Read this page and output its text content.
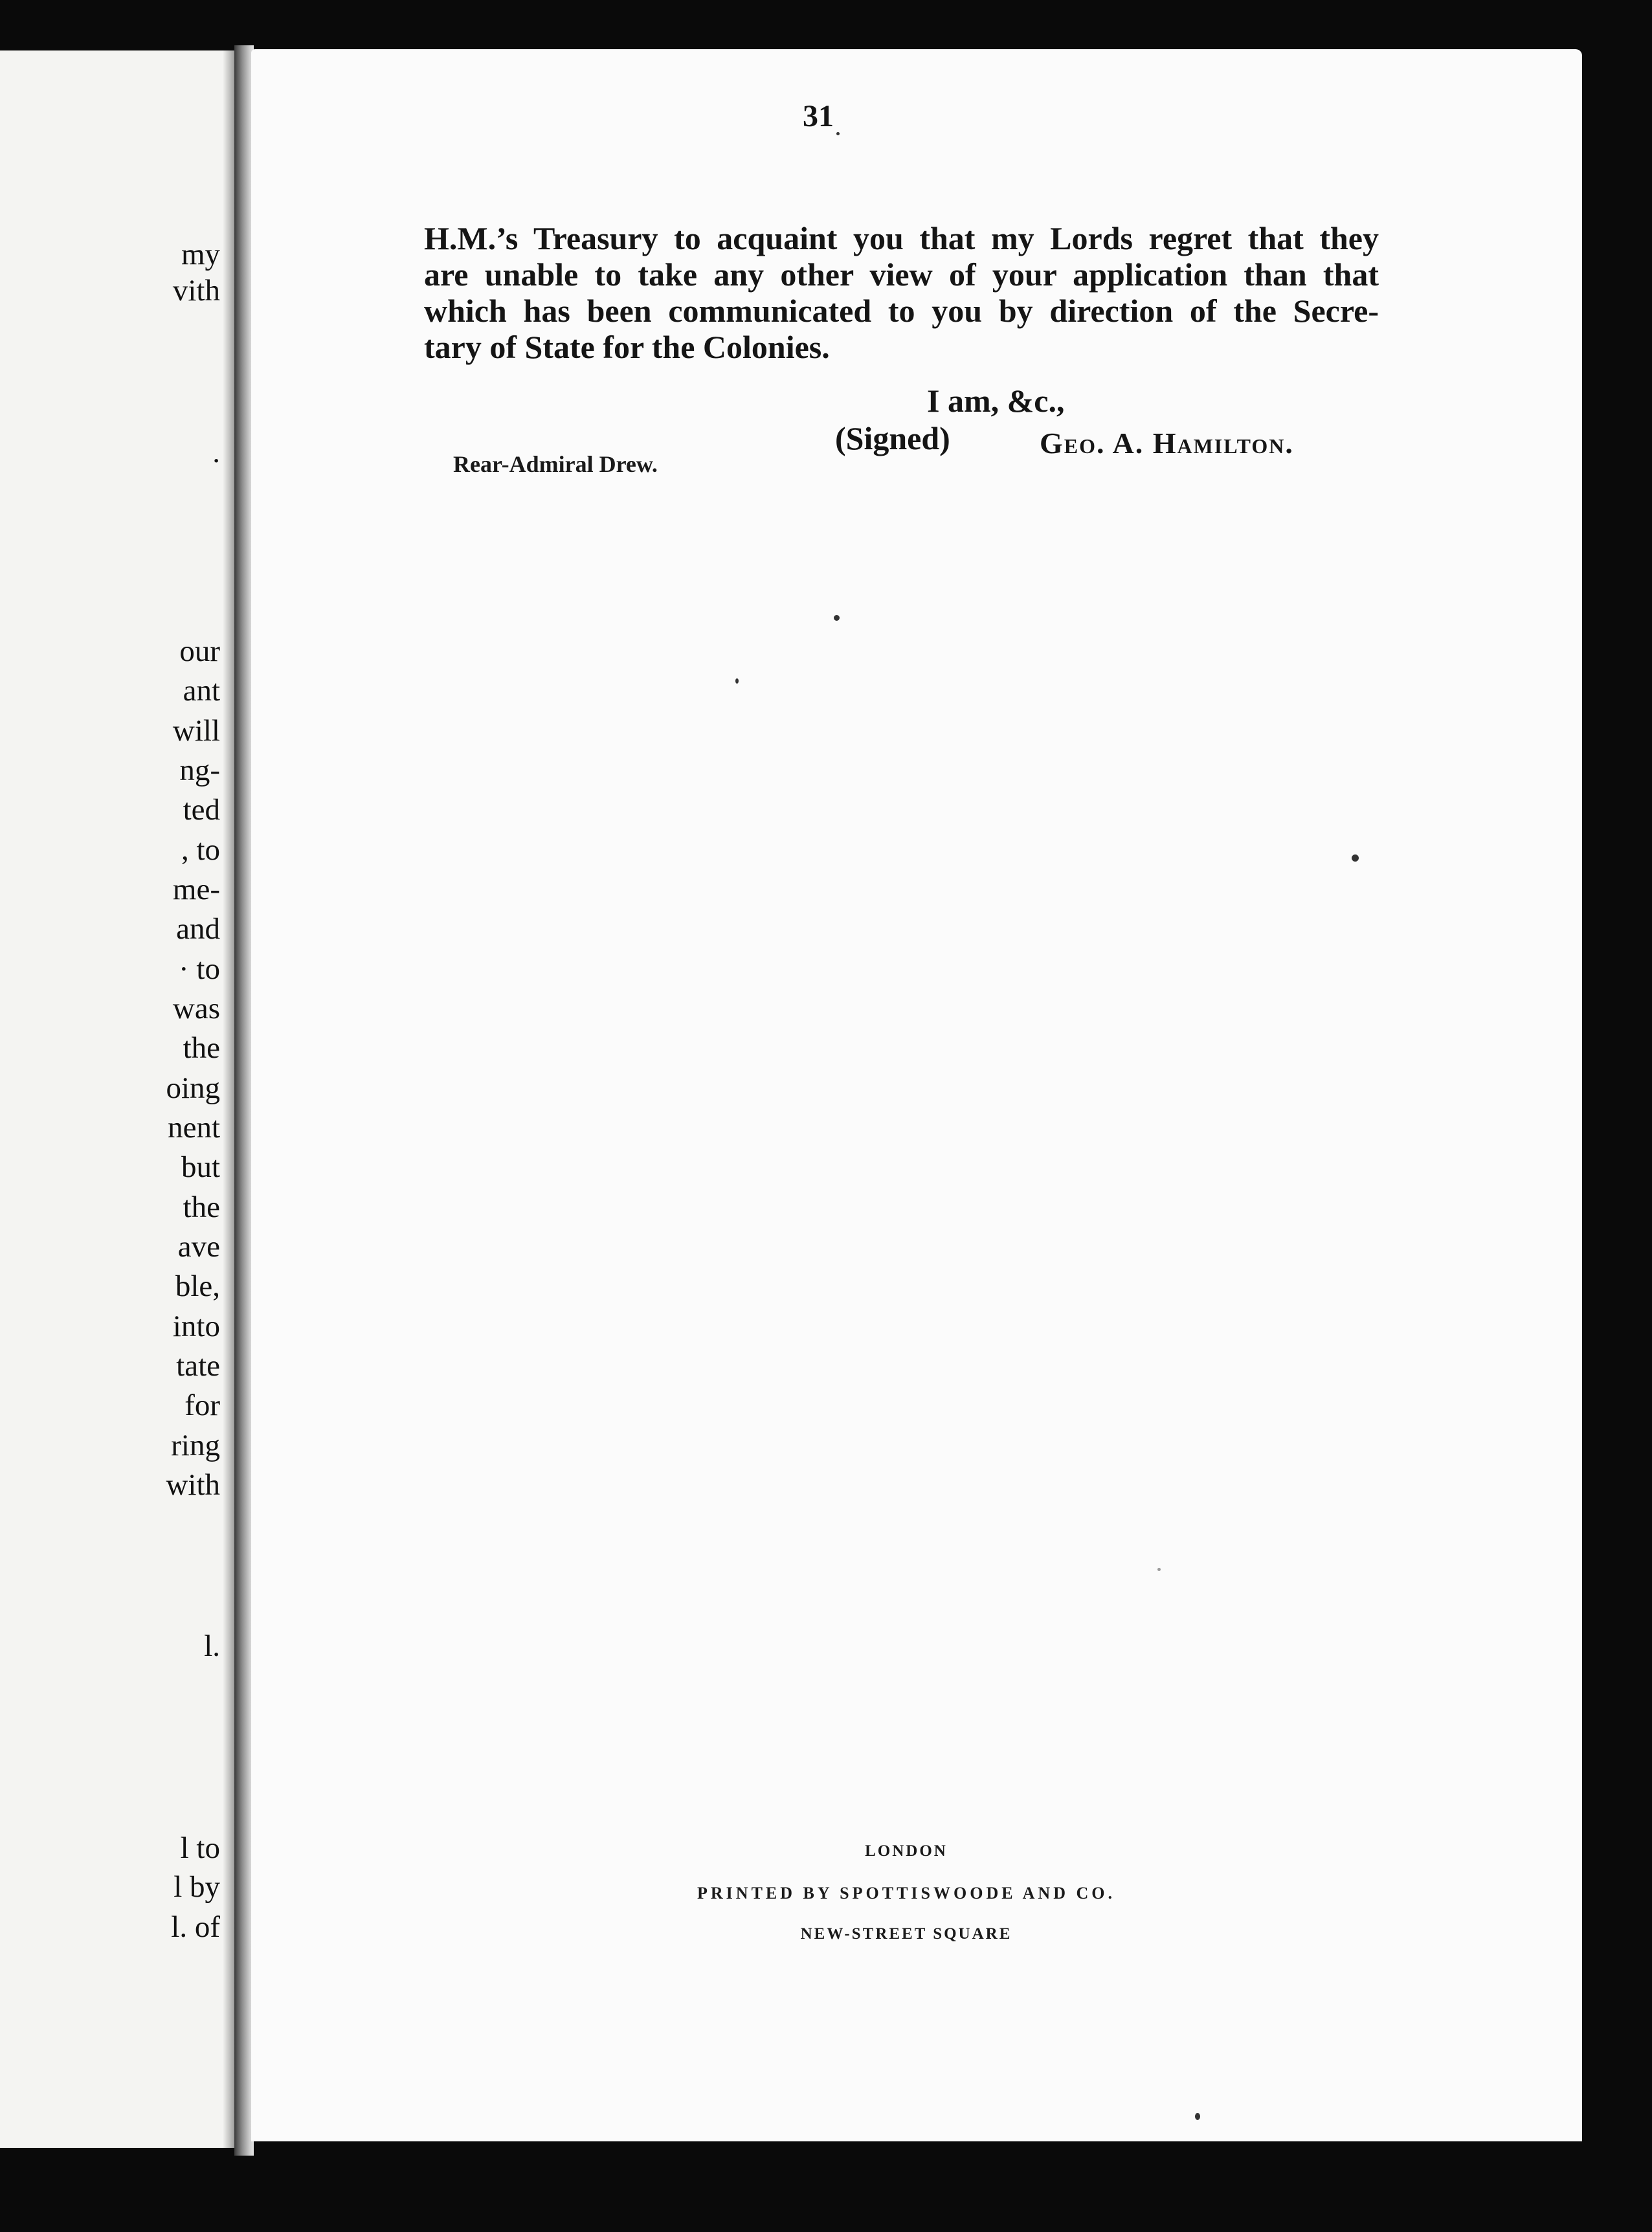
my

vith

.

our

ant

will

ng-

ted

, to

me-

and

· to

was

the

oing

nent

but

the

ave

ble,

into

tate

for

ring

with

l.

l to

l by

l. of

31

H.M.’s Treasury to acquaint you that my Lords regret that they
are unable to take any other view of your application than that
which has been communicated to you by direction of the Secre-
tary of State for the Colonies.

I am, &c.,

(Signed)	Geo. A. Hamilton.

Rear-Admiral Drew.

LONDON

PRINTED BY SPOTTISWOODE AND CO.

NEW-STREET SQUARE
